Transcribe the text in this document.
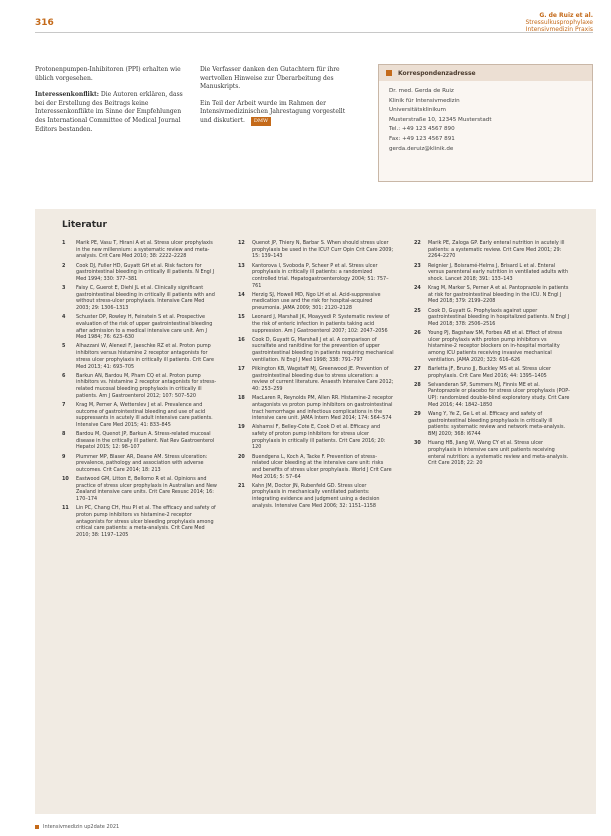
316
G. de Ruiz et al.
Stressulkusprophylaxe
Intensivmedizin Praxis

Protonenpumpen-Inhibitoren (PPI) erhalten wie üblich vorgesehen.

Interessenkonflikt: Die Autoren erklären, dass bei der Erstellung des Beitrags keine Interessenkonflikte im Sinne der Empfehlungen des International Committee of Medical Journal Editors bestanden.

Die Verfasser danken den Gutachtern für ihre wertvollen Hinweise zur Überarbeitung des Manuskripts.

Ein Teil der Arbeit wurde im Rahmen der Intensivmedizinischen Jahrestagung vorgestellt und diskutiert. DMW

Korrespondenzadresse
Dr. med. Gerda de Ruiz
Klinik für Intensivmedizin
Universitätsklinikum
Musterstraße 10, 12345 Musterstadt
Tel.: +49 123 4567 890
Fax: +49 123 4567 891
gerda.deruiz@klinik.de
Literatur
1	Marik PE, Vasu T, Hirani A et al. Stress ulcer prophylaxis in the new millennium: a systematic review and meta-analysis. Crit Care Med 2010; 38: 2222–2228
2	Cook DJ, Fuller HD, Guyatt GH et al. Risk factors for gastrointestinal bleeding in critically ill patients. N Engl J Med 1994; 330: 377–381
3	Faisy C, Guerot E, Diehl JL et al. Clinically significant gastrointestinal bleeding in critically ill patients with and without stress-ulcer prophylaxis. Intensive Care Med 2003; 29: 1306–1313
4	Schuster DP, Rowley H, Feinstein S et al. Prospective evaluation of the risk of upper gastrointestinal bleeding after admission to a medical intensive care unit. Am J Med 1984; 76: 623–630
5	Alhazzani W, Alenezi F, Jaeschke RZ et al. Proton pump inhibitors versus histamine 2 receptor antagonists for stress ulcer prophylaxis in critically ill patients. Crit Care Med 2013; 41: 693–705
6	Barkun AN, Bardou M, Pham CQ et al. Proton pump inhibitors vs. histamine 2 receptor antagonists for stress-related mucosal bleeding prophylaxis in critically ill patients. Am J Gastroenterol 2012; 107: 507–520
7	Krag M, Perner A, Wetterslev J et al. Prevalence and outcome of gastrointestinal bleeding and use of acid suppressants in acutely ill adult intensive care patients. Intensive Care Med 2015; 41: 833–845
8	Bardou M, Quenot JP, Barkun A. Stress-related mucosal disease in the critically ill patient. Nat Rev Gastroenterol Hepatol 2015; 12: 98–107
9	Plummer MP, Blaser AR, Deane AM. Stress ulceration: prevalence, pathology and association with adverse outcomes. Crit Care 2014; 18: 213
10	Eastwood GM, Litton E, Bellomo R et al. Opinions and practice of stress ulcer prophylaxis in Australian and New Zealand intensive care units. Crit Care Resusc 2014; 16: 170–174
11	Lin PC, Chang CH, Hsu PI et al. The efficacy and safety of proton pump inhibitors vs histamine-2 receptor antagonists for stress ulcer bleeding prophylaxis among critical care patients: a meta-analysis. Crit Care Med 2010; 38: 1197–1205
12	Quenot JP, Thiery N, Barbar S. When should stress ulcer prophylaxis be used in the ICU? Curr Opin Crit Care 2009; 15: 139–143
13	Kantorova I, Svoboda P, Scheer P et al. Stress ulcer prophylaxis in critically ill patients: a randomized controlled trial. Hepatogastroenterology 2004; 51: 757–761
14	Herzig SJ, Howell MD, Ngo LH et al. Acid-suppressive medication use and the risk for hospital-acquired pneumonia. JAMA 2009; 301: 2120–2128
15	Leonard J, Marshall JK, Moayyedi P. Systematic review of the risk of enteric infection in patients taking acid suppression. Am J Gastroenterol 2007; 102: 2047–2056
16	Cook D, Guyatt G, Marshall J et al. A comparison of sucralfate and ranitidine for the prevention of upper gastrointestinal bleeding in patients requiring mechanical ventilation. N Engl J Med 1998; 338: 791–797
17	Pilkington KB, Wagstaff MJ, Greenwood JE. Prevention of gastrointestinal bleeding due to stress ulceration: a review of current literature. Anaesth Intensive Care 2012; 40: 253–259
18	MacLaren R, Reynolds PM, Allen RR. Histamine-2 receptor antagonists vs proton pump inhibitors on gastrointestinal tract hemorrhage and infectious complications in the intensive care unit. JAMA Intern Med 2014; 174: 564–574
19	Alshamsi F, Belley-Cote E, Cook D et al. Efficacy and safety of proton pump inhibitors for stress ulcer prophylaxis in critically ill patients. Crit Care 2016; 20: 120
20	Buendgens L, Koch A, Tacke F. Prevention of stress-related ulcer bleeding at the intensive care unit: risks and benefits of stress ulcer prophylaxis. World J Crit Care Med 2016; 5: 57–64
21	Kahn JM, Doctor JN, Rubenfeld GD. Stress ulcer prophylaxis in mechanically ventilated patients: integrating evidence and judgment using a decision analysis. Intensive Care Med 2006; 32: 1151–1158
22	Marik PE, Zaloga GP. Early enteral nutrition in acutely ill patients: a systematic review. Crit Care Med 2001; 29: 2264–2270
23	Reignier J, Boisramé-Helms J, Brisard L et al. Enteral versus parenteral early nutrition in ventilated adults with shock. Lancet 2018; 391: 133–143
24	Krag M, Marker S, Perner A et al. Pantoprazole in patients at risk for gastrointestinal bleeding in the ICU. N Engl J Med 2018; 379: 2199–2208
25	Cook D, Guyatt G. Prophylaxis against upper gastrointestinal bleeding in hospitalized patients. N Engl J Med 2018; 378: 2506–2516
26	Young PJ, Bagshaw SM, Forbes AB et al. Effect of stress ulcer prophylaxis with proton pump inhibitors vs histamine-2 receptor blockers on in-hospital mortality among ICU patients receiving invasive mechanical ventilation. JAMA 2020; 323: 616–626
27	Barletta JF, Bruno JJ, Buckley MS et al. Stress ulcer prophylaxis. Crit Care Med 2016; 44: 1395–1405
28	Selvanderan SP, Summers MJ, Finnis ME et al. Pantoprazole or placebo for stress ulcer prophylaxis (POP-UP): randomized double-blind exploratory study. Crit Care Med 2016; 44: 1842–1850
29	Wang Y, Ye Z, Ge L et al. Efficacy and safety of gastrointestinal bleeding prophylaxis in critically ill patients: systematic review and network meta-analysis. BMJ 2020; 368: l6744
30	Huang HB, Jiang W, Wang CY et al. Stress ulcer prophylaxis in intensive care unit patients receiving enteral nutrition: a systematic review and meta-analysis. Crit Care 2018; 22: 20
Intensivmedizin up2date 2021
